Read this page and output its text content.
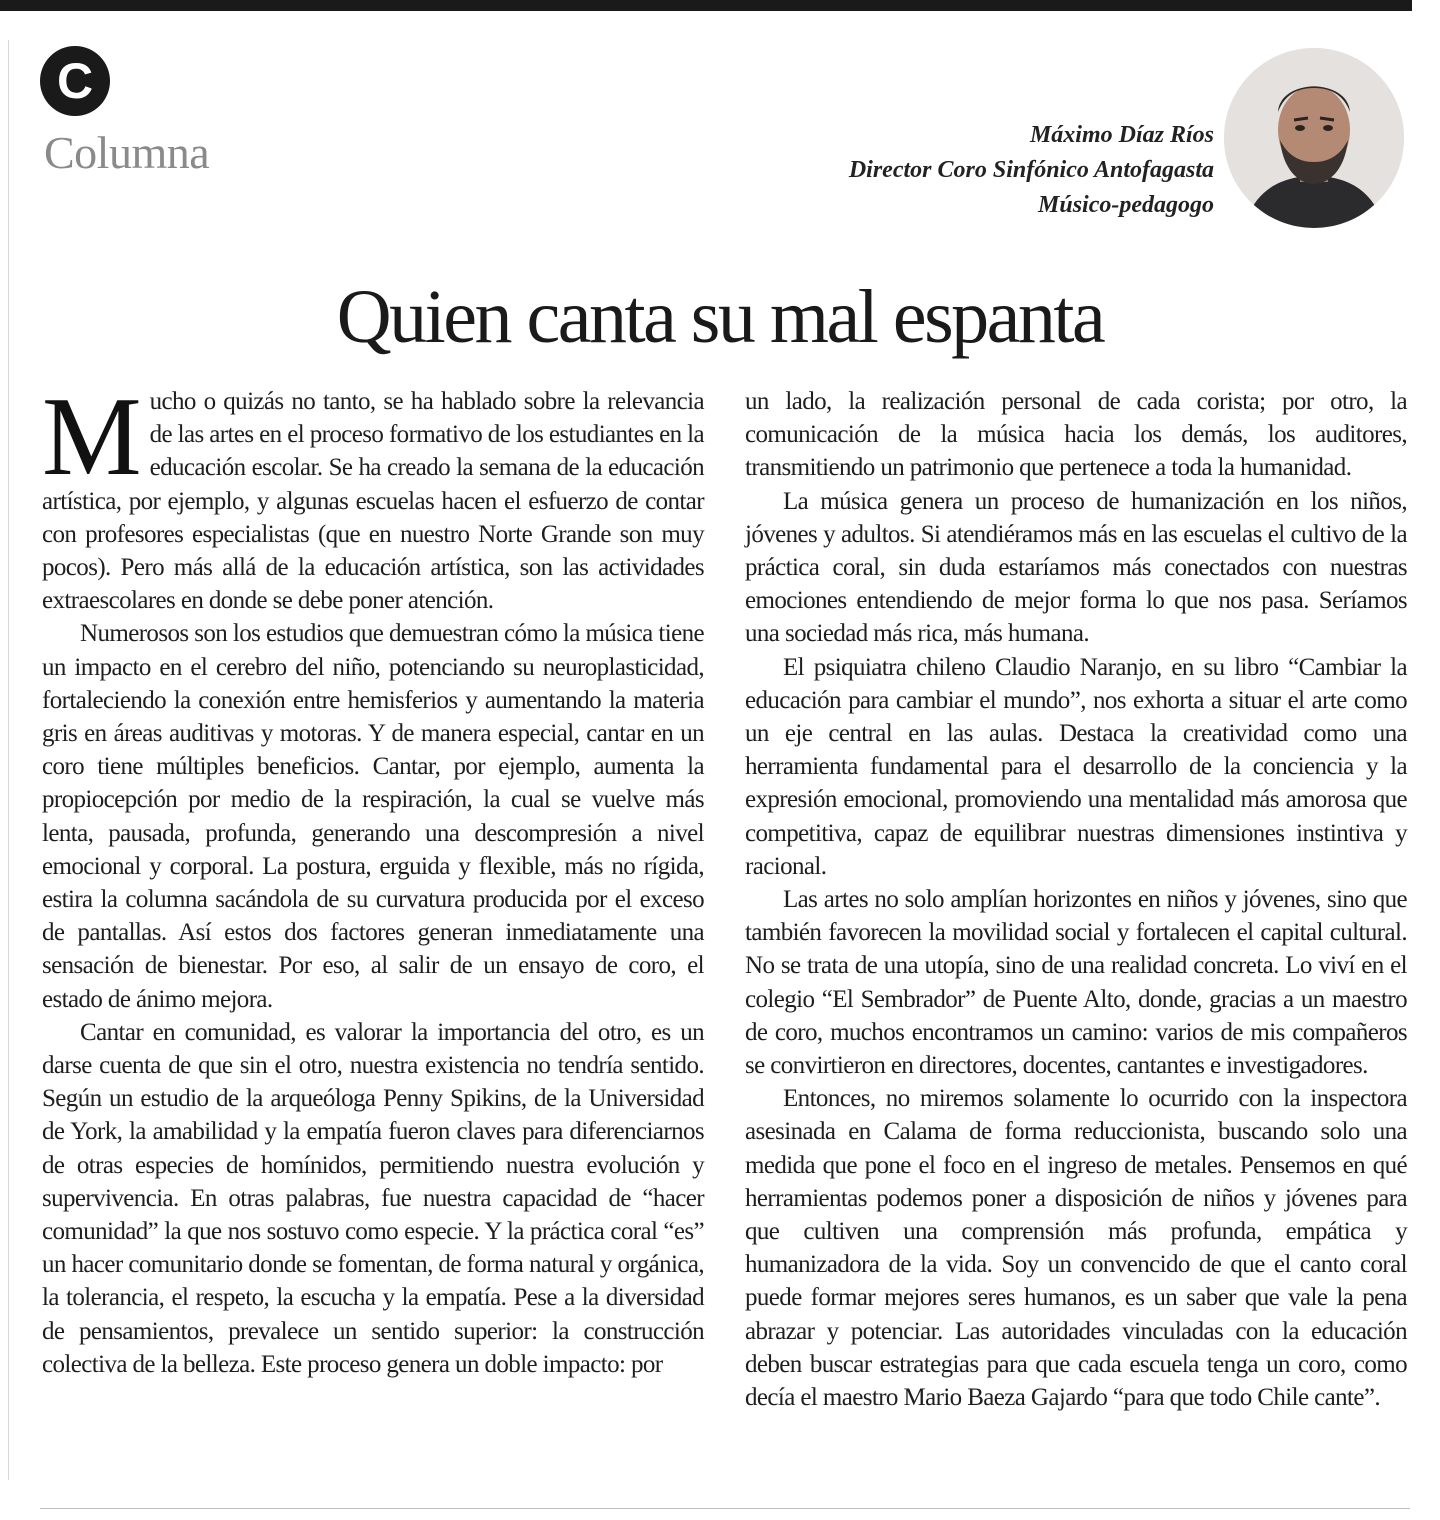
C
Columna	Máximo Díaz Ríos
Director Coro Sinfónico Antofagasta
Músico-pedagogo
Quien canta su mal espanta

Mucho o quizás no tanto, se ha hablado sobre la relevancia de las artes en el proceso formativo de los estudiantes en la educación escolar. Se ha creado la semana de la educación artística, por ejemplo, y algunas escuelas hacen el esfuerzo de contar con profesores especialistas (que en nuestro Norte Grande son muy pocos). Pero más allá de la educación artística, son las actividades extraescolares en donde se debe poner atención.

Numerosos son los estudios que demuestran cómo la música tiene un impacto en el cerebro del niño, potenciando su neuroplasticidad, fortaleciendo la conexión entre hemisferios y aumentando la materia gris en áreas auditivas y motoras. Y de manera especial, cantar en un coro tiene múltiples beneficios. Cantar, por ejemplo, aumenta la propiocepción por medio de la respiración, la cual se vuelve más lenta, pausada, profunda, generando una descompresión a nivel emocional y corporal. La postura, erguida y flexible, más no rígida, estira la columna sacándola de su curvatura producida por el exceso de pantallas. Así estos dos factores generan inmediatamente una sensación de bienestar. Por eso, al salir de un ensayo de coro, el estado de ánimo mejora.

Cantar en comunidad, es valorar la importancia del otro, es un darse cuenta de que sin el otro, nuestra existencia no tendría sentido. Según un estudio de la arqueóloga Penny Spikins, de la Universidad de York, la amabilidad y la empatía fueron claves para diferenciarnos de otras especies de homínidos, permitiendo nuestra evolución y supervivencia. En otras palabras, fue nuestra capacidad de “hacer comunidad” la que nos sostuvo como especie. Y la práctica coral “es” un hacer comunitario donde se fomentan, de forma natural y orgánica, la tolerancia, el respeto, la escucha y la empatía. Pese a la diversidad de pensamientos, prevalece un sentido superior: la construcción colectiva de la belleza. Este proceso genera un doble impacto: por

un lado, la realización personal de cada corista; por otro, la comunicación de la música hacia los demás, los auditores, transmitiendo un patrimonio que pertenece a toda la humanidad.

La música genera un proceso de humanización en los niños, jóvenes y adultos. Si atendiéramos más en las escuelas el cultivo de la práctica coral, sin duda estaríamos más conectados con nuestras emociones entendiendo de mejor forma lo que nos pasa. Seríamos una sociedad más rica, más humana.

El psiquiatra chileno Claudio Naranjo, en su libro “Cambiar la educación para cambiar el mundo”, nos exhorta a situar el arte como un eje central en las aulas. Destaca la creatividad como una herramienta fundamental para el desarrollo de la conciencia y la expresión emocional, promoviendo una mentalidad más amorosa que competitiva, capaz de equilibrar nuestras dimensiones instintiva y racional.

Las artes no solo amplían horizontes en niños y jóvenes, sino que también favorecen la movilidad social y fortalecen el capital cultural. No se trata de una utopía, sino de una realidad concreta. Lo viví en el colegio “El Sembrador” de Puente Alto, donde, gracias a un maestro de coro, muchos encontramos un camino: varios de mis compañeros se convirtieron en directores, docentes, cantantes e investigadores.

Entonces, no miremos solamente lo ocurrido con la inspectora asesinada en Calama de forma reduccionista, buscando solo una medida que pone el foco en el ingreso de metales. Pensemos en qué herramientas podemos poner a disposición de niños y jóvenes para que cultiven una comprensión más profunda, empática y humanizadora de la vida. Soy un convencido de que el canto coral puede formar mejores seres humanos, es un saber que vale la pena abrazar y potenciar. Las autoridades vinculadas con la educación deben buscar estrategias para que cada escuela tenga un coro, como decía el maestro Mario Baeza Gajardo “para que todo Chile cante”.
